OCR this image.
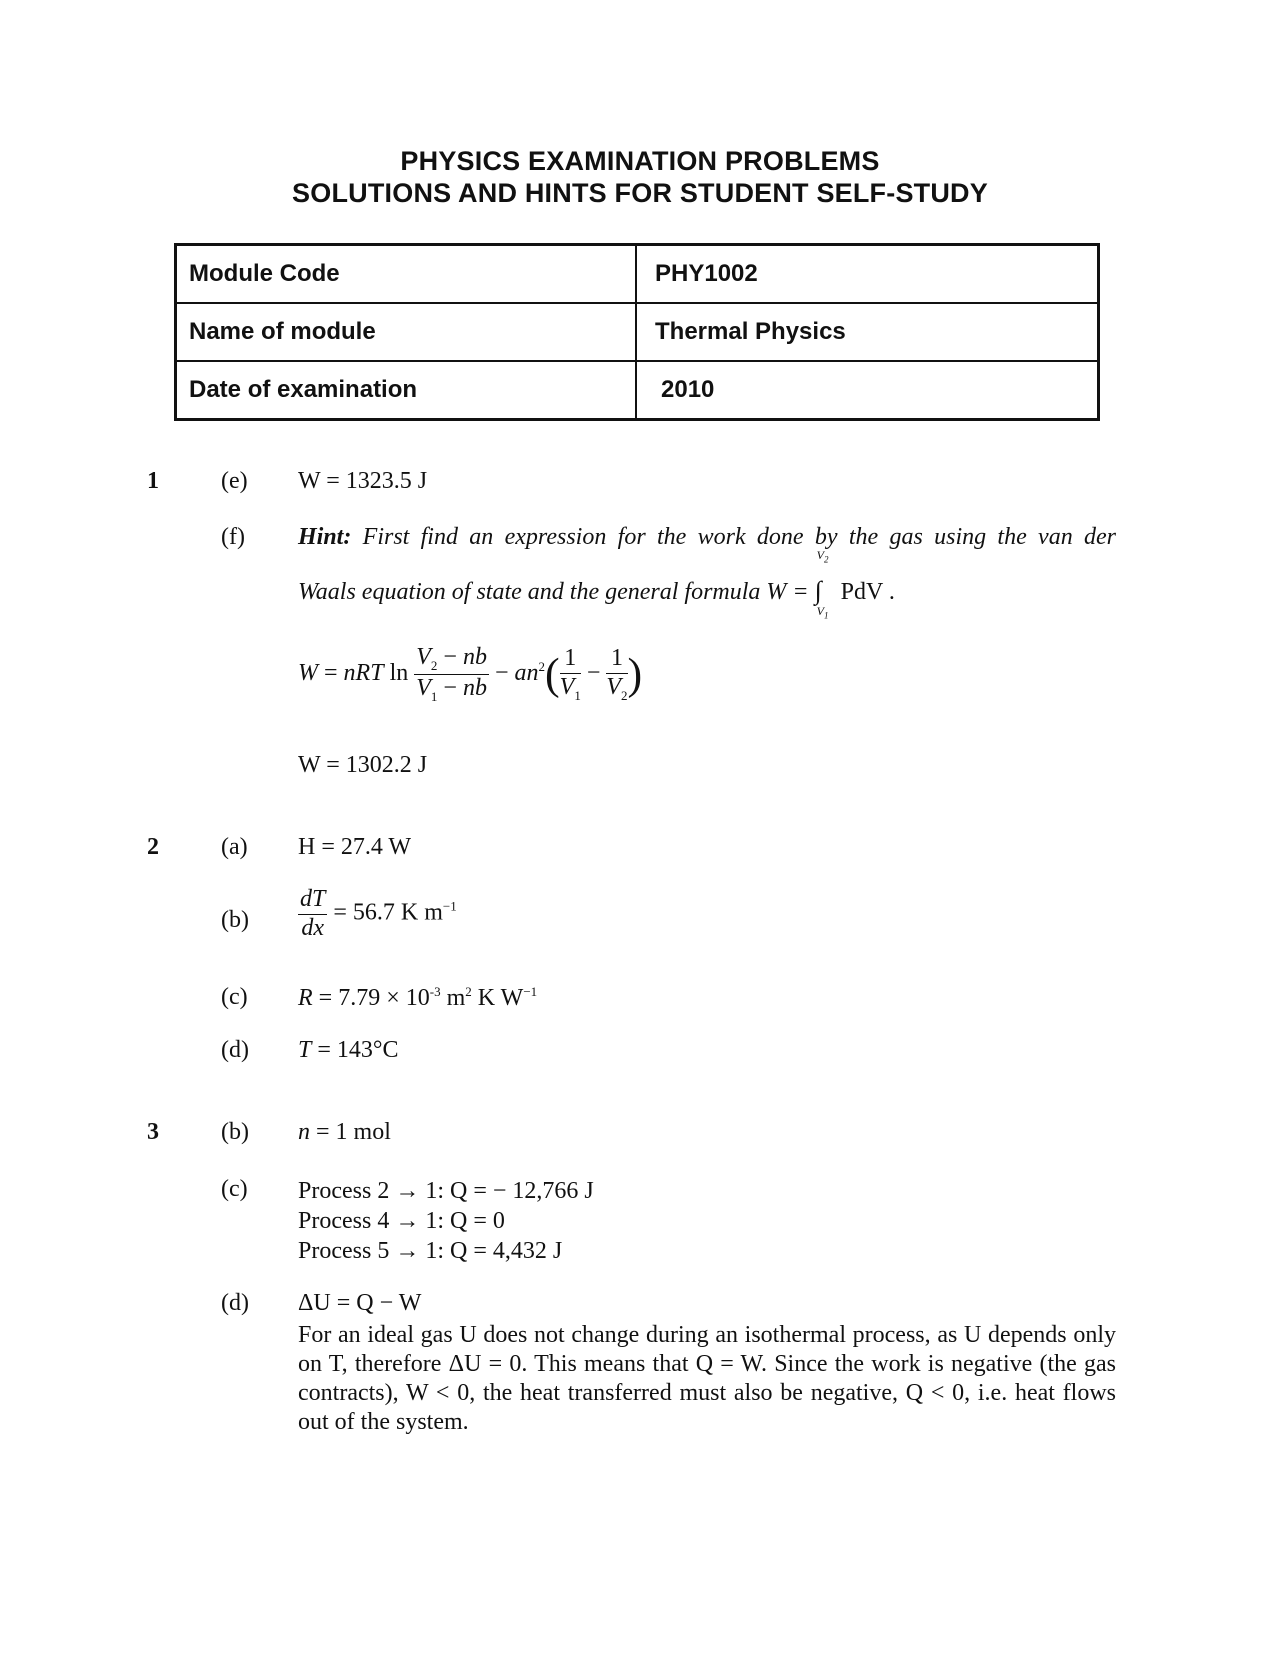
PHYSICS EXAMINATION PROBLEMS
SOLUTIONS AND HINTS FOR STUDENT SELF-STUDY
Module Code	PHY1002
Name of module	Thermal Physics
Date of examination	2010
1	(e) W = 1323.5 J
(f) Hint: First find an expression for the work done by the gas using the van der
Waals equation of state and the general formula W =
$V_2$
∫
$V_1$
PdV .
W = nRT $\ln \frac{V_2 - nb}{V_1 - nb} - an^2( \frac{1}{V_1} - \frac{1}{V_2}$ )
W = 1302.2 J
2	(a) H = 27.4 W
$(b) \frac{dT}{dx} = 56.7$ K $m^{-1}$
(c) $R = 7.79 \times 10^{-3}$ $m^2$ K $W^{-1}$
(d) T = 143°C
3	(b) n = 1 mol
(c) Process 2 → 1: Q = − 12,766 J
Process 4 → 1: Q = 0
Process 5 → 1: Q = 4,432 J
(d) ΔU = Q − W
For an ideal gas U does not change during an isothermal process, as U depends only on T, therefore ΔU = 0. This means that Q = W. Since the work is negative (the gas contracts), W < 0, the heat transferred must also be negative, Q < 0, i.e. heat flows out of the system.
